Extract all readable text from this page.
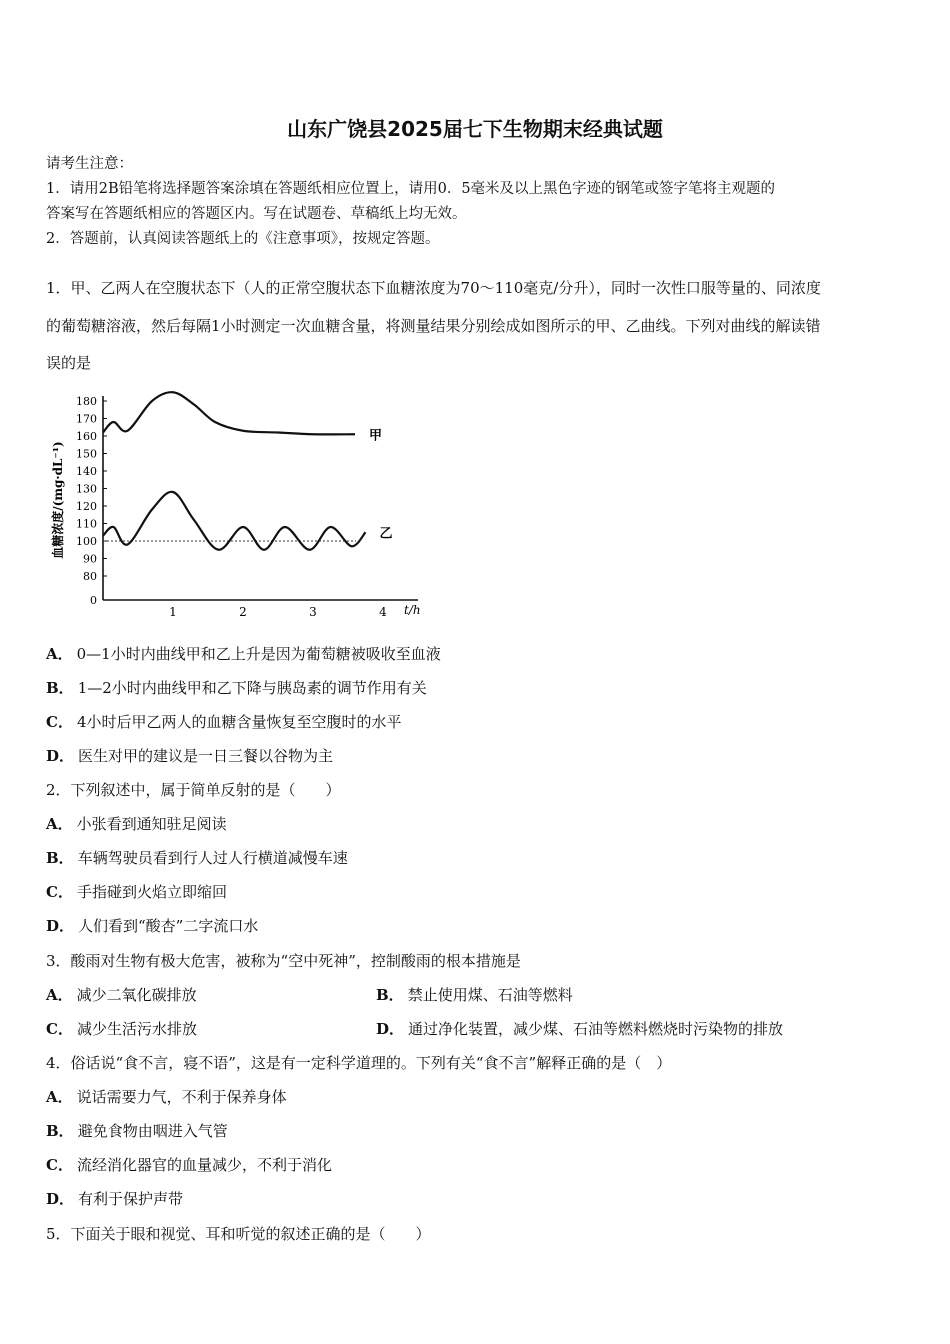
山东广饶县2025届七下生物期末经典试题
请考生注意：
1．请用2B铅笔将选择题答案涂填在答题纸相应位置上，请用0．5毫米及以上黑色字迹的钢笔或签字笔将主观题的
答案写在答题纸相应的答题区内。写在试题卷、草稿纸上均无效。
2．答题前，认真阅读答题纸上的《注意事项》，按规定答题。
1．甲、乙两人在空腹状态下（人的正常空腹状态下血糖浓度为70～110毫克/分升），同时一次性口服等量的、同浓度
的葡萄糖溶液，然后每隔1小时测定一次血糖含量，将测量结果分别绘成如图所示的甲、乙曲线。下列对曲线的解读错
误的是
血糖浓度/(mg·dL⁻¹)
t/h
0
80
90
100
110
120
130
140
150
160
170
180
1	2	3	4
甲
乙
A． 0—1小时内曲线甲和乙上升是因为葡萄糖被吸收至血液
B． 1—2小时内曲线甲和乙下降与胰岛素的调节作用有关
C． 4小时后甲乙两人的血糖含量恢复至空腹时的水平
D． 医生对甲的建议是一日三餐以谷物为主
2．下列叙述中，属于简单反射的是（　　）
A． 小张看到通知驻足阅读
B． 车辆驾驶员看到行人过人行横道减慢车速
C． 手指碰到火焰立即缩回
D． 人们看到“酸杏”二字流口水
3．酸雨对生物有极大危害，被称为“空中死神”，控制酸雨的根本措施是
A． 减少二氧化碳排放	B． 禁止使用煤、石油等燃料
C． 减少生活污水排放	D． 通过净化装置，减少煤、石油等燃料燃烧时污染物的排放
4．俗话说“食不言，寝不语”，这是有一定科学道理的。下列有关“食不言”解释正确的是（　）
A． 说话需要力气，不利于保养身体
B． 避免食物由咽进入气管
C． 流经消化器官的血量减少，不利于消化
D． 有利于保护声带
5．下面关于眼和视觉、耳和听觉的叙述正确的是（　　）
